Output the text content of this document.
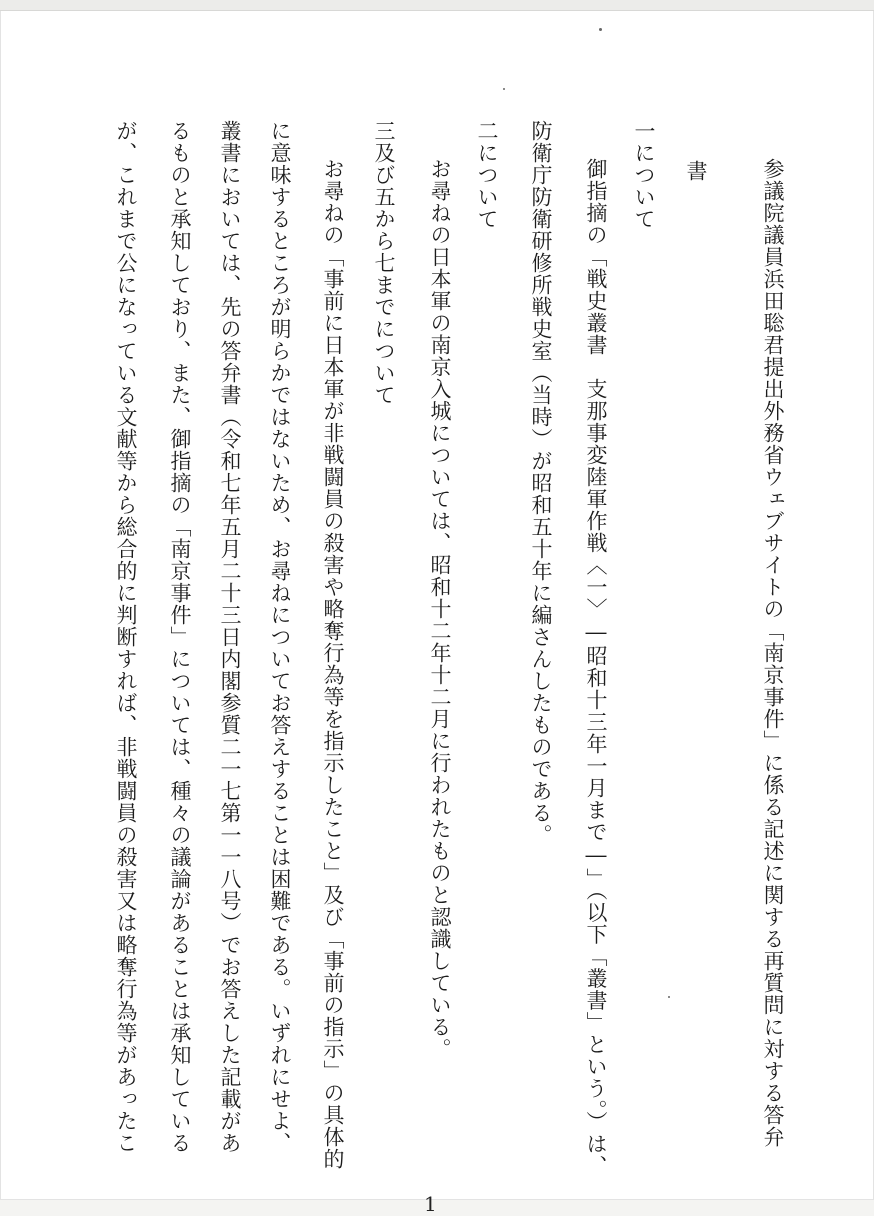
参議院議員浜田聡君提出外務省ウェブサイトの「南京事件」に係る記述に関する再質問に対する答弁
書
一について
御指摘の「戦史叢書　支那事変陸軍作戦〈一〉―昭和十三年一月まで―」（以下「叢書」という。）は、
防衛庁防衛研修所戦史室（当時）が昭和五十年に編さんしたものである。
二について
お尋ねの日本軍の南京入城については、昭和十二年十二月に行われたものと認識している。
三及び五から七までについて
お尋ねの「事前に日本軍が非戦闘員の殺害や略奪行為等を指示したこと」及び「事前の指示」の具体的
に意味するところが明らかではないため、お尋ねについてお答えすることは困難である。いずれにせよ、
叢書においては、先の答弁書（令和七年五月二十三日内閣参質二一七第一一八号）でお答えした記載があ
るものと承知しており、また、御指摘の「南京事件」については、種々の議論があることは承知している
が、これまで公になっている文献等から総合的に判断すれば、非戦闘員の殺害又は略奪行為等があったこ
1
